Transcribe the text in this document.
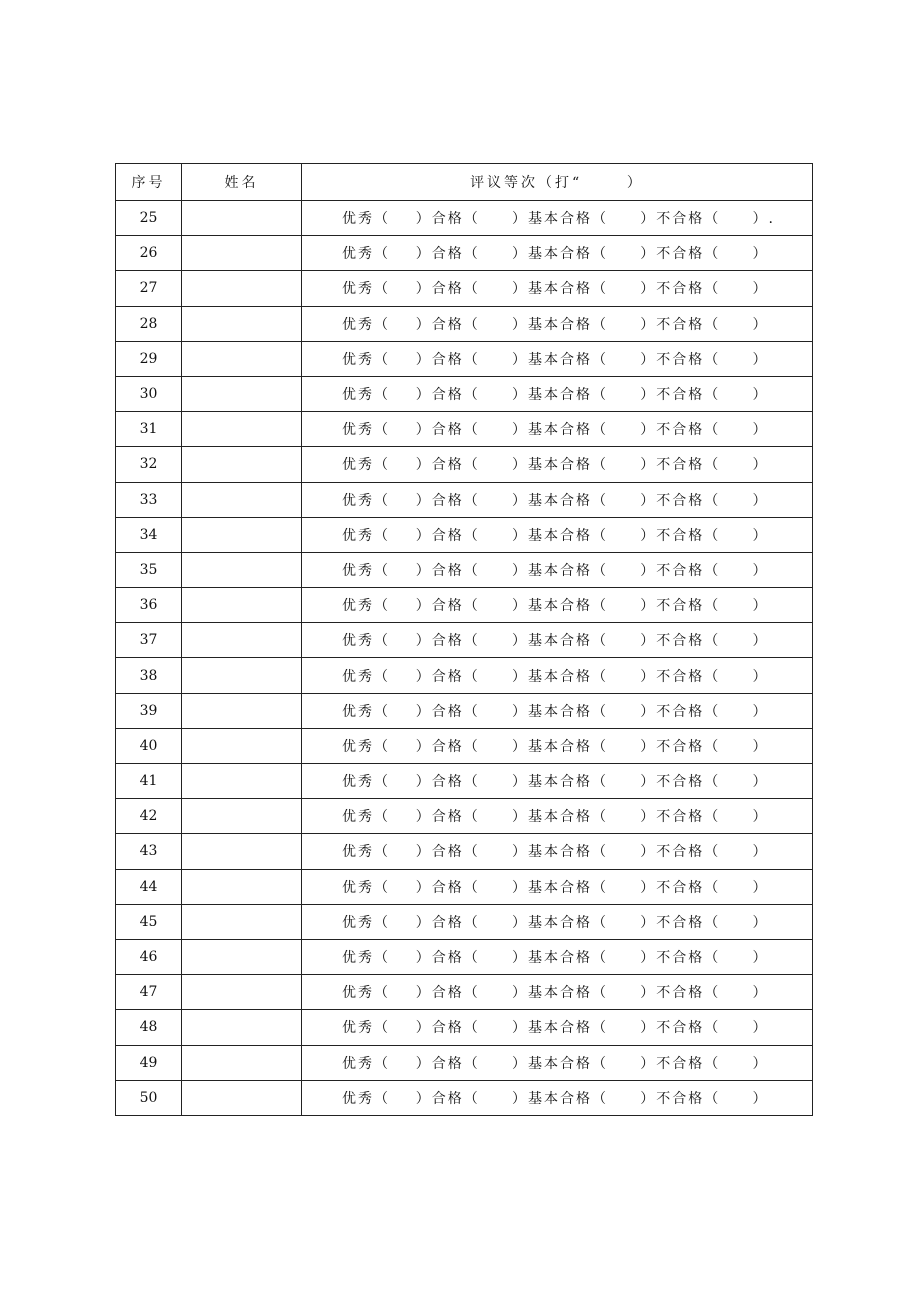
序号	姓名	评议等次（打“      ）
25		优秀（    ）合格（     ）基本合格（     ）不合格（     ）.

26		优秀（    ）合格（     ）基本合格（     ）不合格（     ）

27		优秀（    ）合格（     ）基本合格（     ）不合格（     ）

28		优秀（    ）合格（     ）基本合格（     ）不合格（     ）

29		优秀（    ）合格（     ）基本合格（     ）不合格（     ）

30		优秀（    ）合格（     ）基本合格（     ）不合格（     ）

31		优秀（    ）合格（     ）基本合格（     ）不合格（     ）

32		优秀（    ）合格（     ）基本合格（     ）不合格（     ）

33		优秀（    ）合格（     ）基本合格（     ）不合格（     ）

34		优秀（    ）合格（     ）基本合格（     ）不合格（     ）

35		优秀（    ）合格（     ）基本合格（     ）不合格（     ）

36		优秀（    ）合格（     ）基本合格（     ）不合格（     ）

37		优秀（    ）合格（     ）基本合格（     ）不合格（     ）

38		优秀（    ）合格（     ）基本合格（     ）不合格（     ）

39		优秀（    ）合格（     ）基本合格（     ）不合格（     ）

40		优秀（    ）合格（     ）基本合格（     ）不合格（     ）

41		优秀（    ）合格（     ）基本合格（     ）不合格（     ）

42		优秀（    ）合格（     ）基本合格（     ）不合格（     ）

43		优秀（    ）合格（     ）基本合格（     ）不合格（     ）

44		优秀（    ）合格（     ）基本合格（     ）不合格（     ）

45		优秀（    ）合格（     ）基本合格（     ）不合格（     ）

46		优秀（    ）合格（     ）基本合格（     ）不合格（     ）

47		优秀（    ）合格（     ）基本合格（     ）不合格（     ）

48		优秀（    ）合格（     ）基本合格（     ）不合格（     ）

49		优秀（    ）合格（     ）基本合格（     ）不合格（     ）

50		优秀（    ）合格（     ）基本合格（     ）不合格（     ）
